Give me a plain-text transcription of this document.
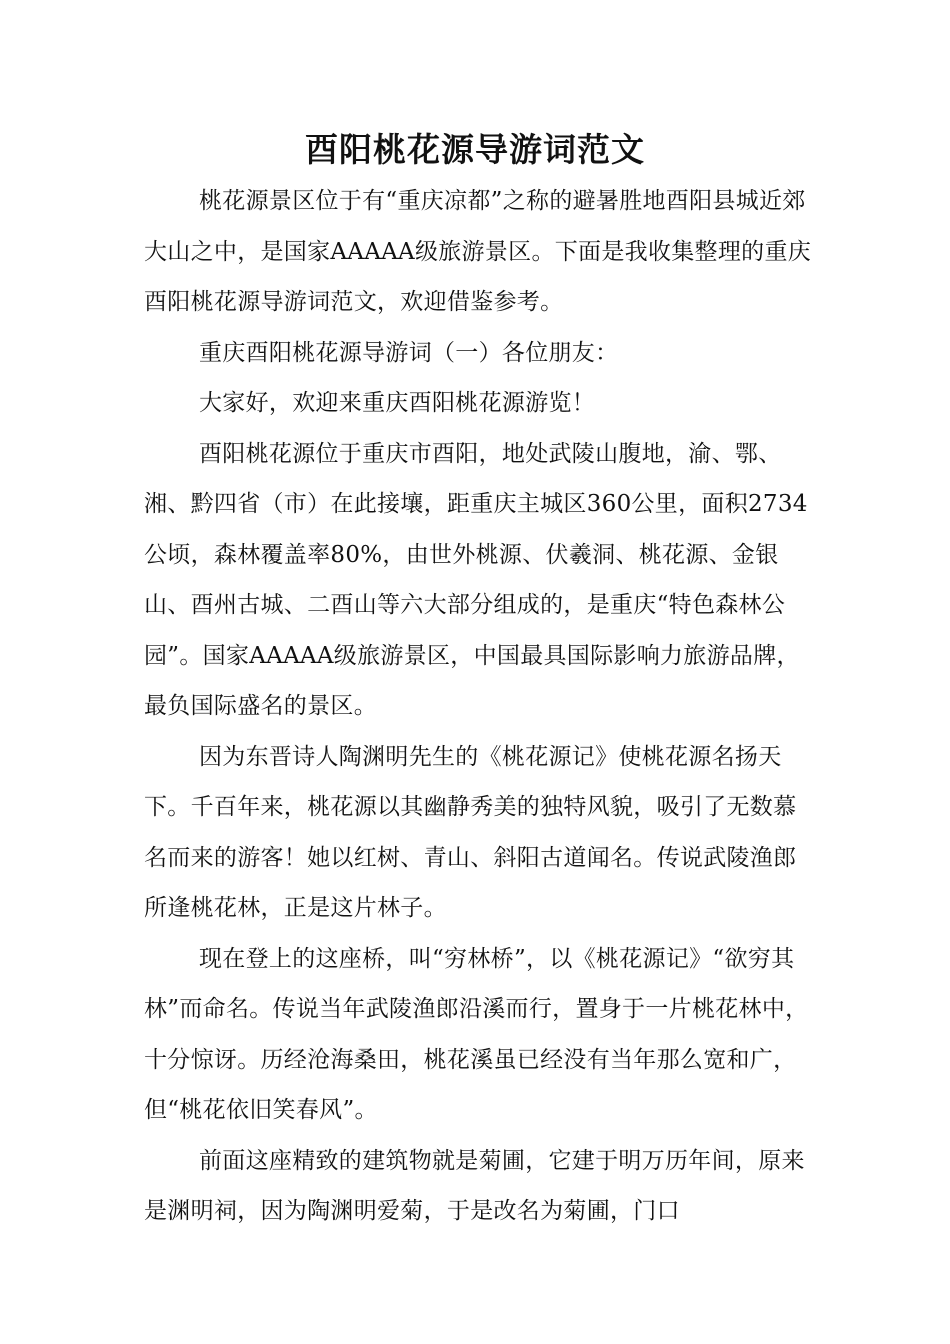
酉阳桃花源导游词范文

桃花源景区位于有“重庆凉都”之称的避暑胜地酉阳县城近郊大山之中，是国家AAAAA级旅游景区。下面是我收集整理的重庆酉阳桃花源导游词范文，欢迎借鉴参考。

重庆酉阳桃花源导游词（一）各位朋友：

大家好，欢迎来重庆酉阳桃花源游览！

酉阳桃花源位于重庆市酉阳，地处武陵山腹地，渝、鄂、湘、黔四省（市）在此接壤，距重庆主城区360公里，面积2734公顷，森林覆盖率80%，由世外桃源、伏羲洞、桃花源、金银山、酉州古城、二酉山等六大部分组成的，是重庆“特色森林公园”。国家AAAAA级旅游景区，中国最具国际影响力旅游品牌，最负国际盛名的景区。

因为东晋诗人陶渊明先生的《桃花源记》使桃花源名扬天下。千百年来，桃花源以其幽静秀美的独特风貌，吸引了无数慕名而来的游客！她以红树、青山、斜阳古道闻名。传说武陵渔郎所逢桃花林，正是这片林子。

现在登上的这座桥，叫“穷林桥”，以《桃花源记》“欲穷其林”而命名。传说当年武陵渔郎沿溪而行，置身于一片桃花林中，十分惊讶。历经沧海桑田，桃花溪虽已经没有当年那么宽和广，但“桃花依旧笑春风”。

前面这座精致的建筑物就是菊圃，它建于明万历年间，原来是渊明祠，因为陶渊明爱菊，于是改名为菊圃，门口
